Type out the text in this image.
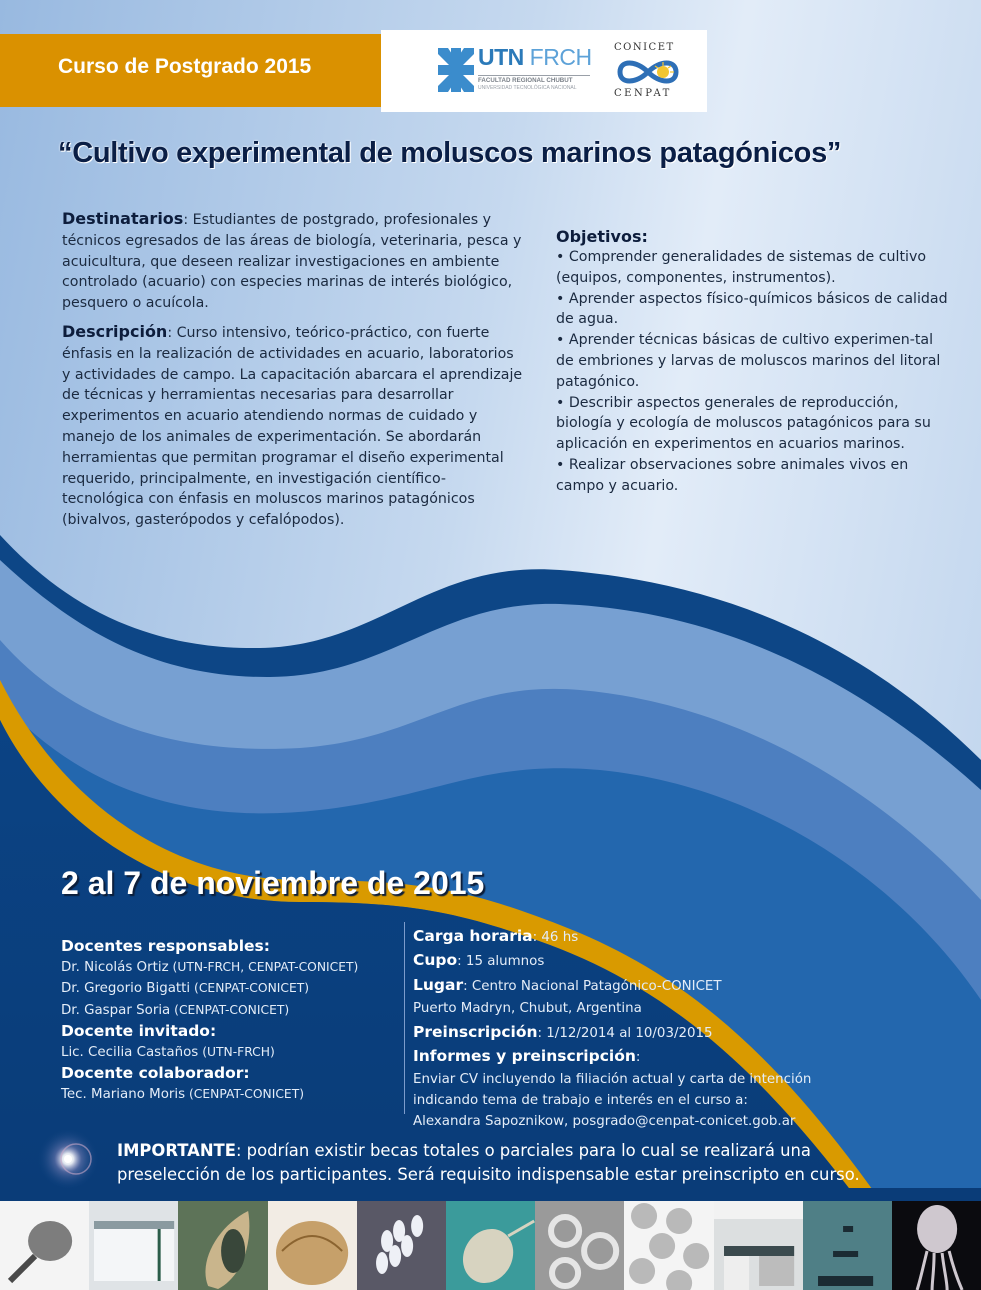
Curso de Postgrado 2015	UTN FRCH
FACULTAD REGIONAL CHUBUT
UNIVERSIDAD TECNOLÓGICA NACIONAL
CONICET
CENPAT
“Cultivo experimental de moluscos marinos patagónicos”

Destinatarios: Estudiantes de postgrado, profesionales y técnicos egresados de las áreas de biología, veterinaria, pesca y acuicultura, que deseen realizar investigaciones en ambiente controlado (acuario) con especies marinas de interés biológico, pesquero o acuícola.

Descripción: Curso intensivo, teórico-práctico, con fuerte énfasis en la realización de actividades en acuario, laboratorios y actividades de campo. La capacitación abarcara el aprendizaje de técnicas y herramientas necesarias para desarrollar experimentos en acuario atendiendo normas de cuidado y manejo de los animales de experimentación. Se abordarán herramientas que permitan programar el diseño experimental requerido, principalmente, en investigación científico-tecnológica con énfasis en moluscos marinos patagónicos (bivalvos, gasterópodos y cefalópodos).

Objetivos:
• Comprender generalidades de sistemas de cultivo (equipos, componentes, instrumentos).
• Aprender aspectos físico-químicos básicos de calidad de agua.
• Aprender técnicas básicas de cultivo experimen-tal de embriones y larvas de moluscos marinos del litoral patagónico.
• Describir aspectos generales de reproducción, biología y ecología de moluscos patagónicos para su aplicación en experimentos en acuarios marinos.
• Realizar observaciones sobre animales vivos en campo y acuario.
2 al 7 de noviembre de 2015
Docentes responsables:
Dr. Nicolás Ortiz (UTN-FRCH, CENPAT-CONICET)
Dr. Gregorio Bigatti (CENPAT-CONICET)
Dr. Gaspar Soria (CENPAT-CONICET)
Docente invitado:
Lic. Cecilia Castaños (UTN-FRCH)
Docente colaborador:
Tec. Mariano Moris (CENPAT-CONICET)
Carga horaria: 46 hs
Cupo: 15 alumnos
Lugar: Centro Nacional Patagónico-CONICET
Puerto Madryn, Chubut, Argentina
Preinscripción: 1/12/2014 al 10/03/2015
Informes y preinscripción:
Enviar CV incluyendo la filiación actual y carta de intención
indicando tema de trabajo e interés en el curso a:
Alexandra Sapoznikow, posgrado@cenpat-conicet.gob.ar
IMPORTANTE: podrían existir becas totales o parciales para lo cual se realizará una
preselección de los participantes. Será requisito indispensable estar preinscripto en curso.
